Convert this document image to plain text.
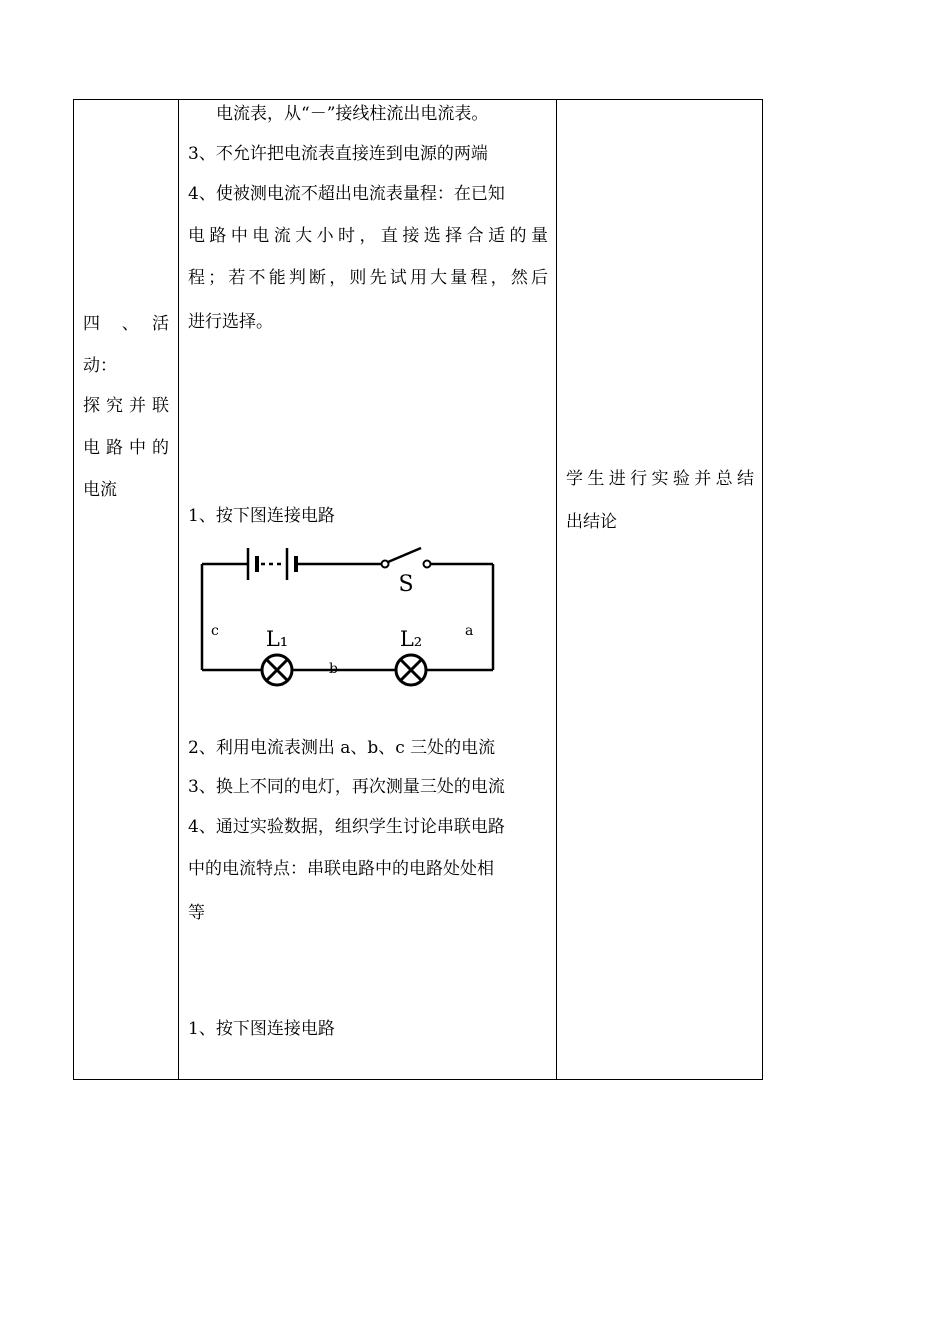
四　、　活
动：
探究并联
电路中的
电流
电流表，从“－”接线柱流出电流表。
3、不允许把电流表直接连到电源的两端
4、使被测电流不超出电流表量程：在已知
电路中电流大小时，直接选择合适的量
程；若不能判断，则先试用大量程，然后
进行选择。
1、按下图连接电路
S
L₁	L₂
c	a
b
2、利用电流表测出 a、b、c 三处的电流
3、换上不同的电灯，再次测量三处的电流
4、通过实验数据，组织学生讨论串联电路
中的电流特点：串联电路中的电路处处相
等
1、按下图连接电路
学生进行实验并总结
出结论
